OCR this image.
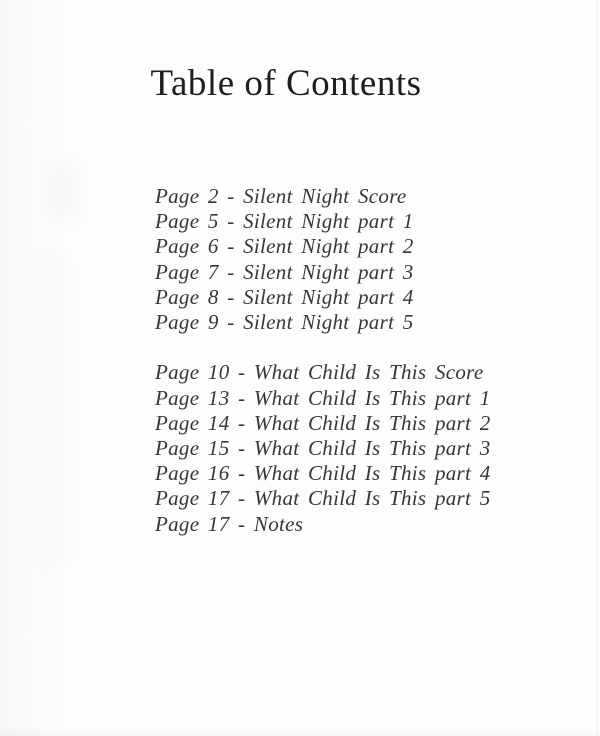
Table of Contents
Page 2 - Silent Night Score
Page 5 - Silent Night part 1
Page 6 - Silent Night part 2
Page 7 - Silent Night part 3
Page 8 - Silent Night part 4
Page 9 - Silent Night part 5
Page 10 - What Child Is This Score
Page 13 - What Child Is This part 1
Page 14 - What Child Is This part 2
Page 15 - What Child Is This part 3
Page 16 - What Child Is This part 4
Page 17 - What Child Is This part 5
Page 17 - Notes
